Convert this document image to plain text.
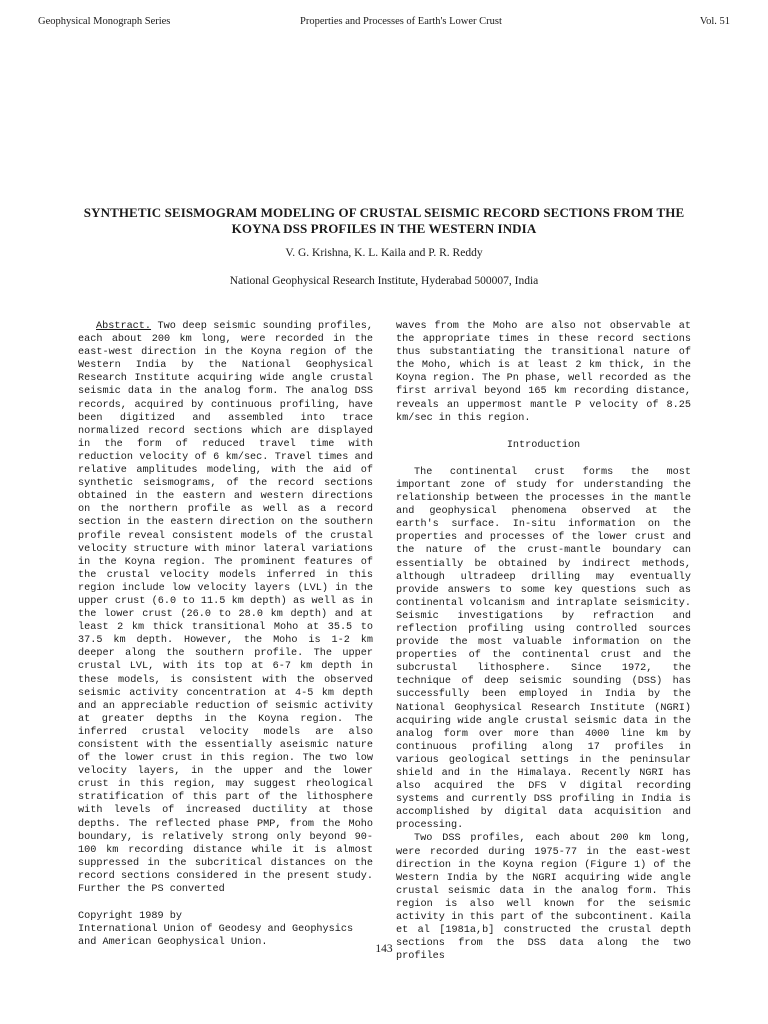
Geophysical Monograph Series	Properties and Processes of Earth's Lower Crust	Vol. 51
SYNTHETIC SEISMOGRAM MODELING OF CRUSTAL SEISMIC RECORD SECTIONS FROM THE KOYNA DSS PROFILES IN THE WESTERN INDIA
V. G. Krishna, K. L. Kaila and P. R. Reddy
National Geophysical Research Institute, Hyderabad 500007, India

Abstract. Two deep seismic sounding profiles, each about 200 km long, were recorded in the east-west direction in the Koyna region of the Western India by the National Geophysical Research Institute acquiring wide angle crustal seismic data in the analog form. The analog DSS records, acquired by continuous profiling, have been digitized and assembled into trace normalized record sections which are displayed in the form of reduced travel time with reduction velocity of 6 km/sec. Travel times and relative amplitudes modeling, with the aid of synthetic seismograms, of the record sections obtained in the eastern and western directions on the northern profile as well as a record section in the eastern direction on the southern profile reveal consistent models of the crustal velocity structure with minor lateral variations in the Koyna region. The prominent features of the crustal velocity models inferred in this region include low velocity layers (LVL) in the upper crust (6.0 to 11.5 km depth) as well as in the lower crust (26.0 to 28.0 km depth) and at least 2 km thick transitional Moho at 35.5 to 37.5 km depth. However, the Moho is 1-2 km deeper along the southern profile. The upper crustal LVL, with its top at 6-7 km depth in these models, is consistent with the observed seismic activity concentration at 4-5 km depth and an appreciable reduction of seismic activity at greater depths in the Koyna region. The inferred crustal velocity models are also consistent with the essentially aseismic nature of the lower crust in this region. The two low velocity layers, in the upper and the lower crust in this region, may suggest rheological stratification of this part of the lithosphere with levels of increased ductility at those depths. The reflected phase PMP, from the Moho boundary, is relatively strong only beyond 90-100 km recording distance while it is almost suppressed in the subcritical distances on the record sections considered in the present study. Further the PS converted

Copyright 1989 by
International Union of Geodesy and Geophysics
and American Geophysical Union.

waves from the Moho are also not observable at the appropriate times in these record sections thus substantiating the transitional nature of the Moho, which is at least 2 km thick, in the Koyna region. The Pn phase, well recorded as the first arrival beyond 165 km recording distance, reveals an uppermost mantle P velocity of 8.25 km/sec in this region.

Introduction

The continental crust forms the most important zone of study for understanding the relationship between the processes in the mantle and geophysical phenomena observed at the earth's surface. In-situ information on the properties and processes of the lower crust and the nature of the crust-mantle boundary can essentially be obtained by indirect methods, although ultradeep drilling may eventually provide answers to some key questions such as continental volcanism and intraplate seismicity. Seismic investigations by refraction and reflection profiling using controlled sources provide the most valuable information on the properties of the continental crust and the subcrustal lithosphere. Since 1972, the technique of deep seismic sounding (DSS) has successfully been employed in India by the National Geophysical Research Institute (NGRI) acquiring wide angle crustal seismic data in the analog form over more than 4000 line km by continuous profiling along 17 profiles in various geological settings in the peninsular shield and in the Himalaya. Recently NGRI has also acquired the DFS V digital recording systems and currently DSS profiling in India is accomplished by digital data acquisition and processing.

Two DSS profiles, each about 200 km long, were recorded during 1975-77 in the east-west direction in the Koyna region (Figure 1) of the Western India by the NGRI acquiring wide angle crustal seismic data in the analog form. This region is also well known for the seismic activity in this part of the subcontinent. Kaila et al [1981a,b] constructed the crustal depth sections from the DSS data along the two profiles

143
